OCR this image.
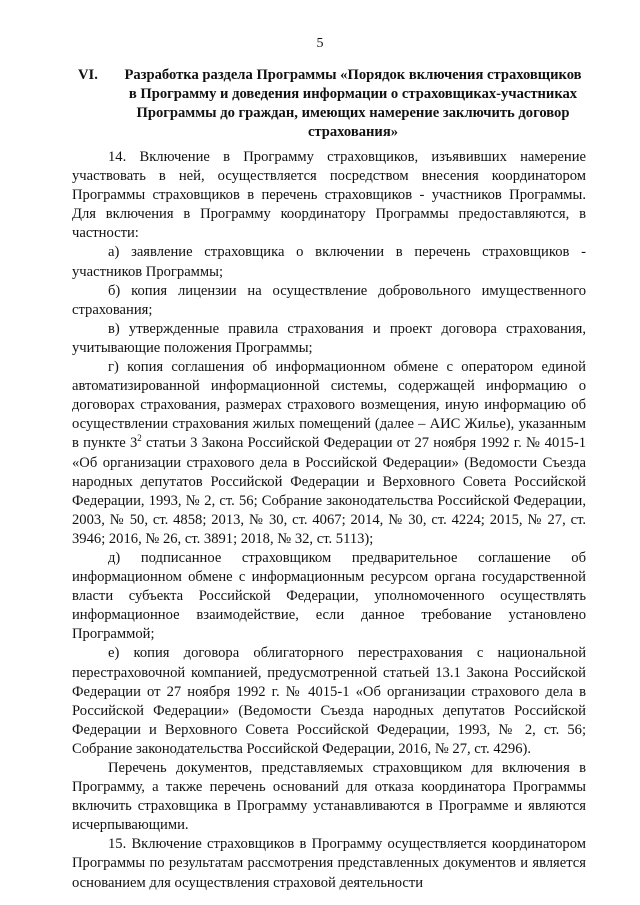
5
VI. Разработка раздела Программы «Порядок включения страховщиков в Программу и доведения информации о страховщиках-участниках Программы до граждан, имеющих намерение заключить договор страхования»

14. Включение в Программу страховщиков, изъявивших намерение участвовать в ней, осуществляется посредством внесения координатором Программы страховщиков в перечень страховщиков - участников Программы. Для включения в Программу координатору Программы предоставляются, в частности:

а) заявление страховщика о включении в перечень страховщиков - участников Программы;

б) копия лицензии на осуществление добровольного имущественного страхования;

в) утвержденные правила страхования и проект договора страхования, учитывающие положения Программы;

г) копия соглашения об информационном обмене с оператором единой автоматизированной информационной системы, содержащей информацию о договорах страхования, размерах страхового возмещения, иную информацию об осуществлении страхования жилых помещений (далее – АИС Жилье), указанным в пункте $3^2$ статьи 3 Закона Российской Федерации от 27 ноября 1992 г. № 4015-1 «Об организации страхового дела в Российской Федерации» (Ведомости Съезда народных депутатов Российской Федерации и Верховного Совета Российской Федерации, 1993, № 2, ст. 56; Собрание законодательства Российской Федерации, 2003, № 50, ст. 4858; 2013, № 30, ст. 4067; 2014, № 30, ст. 4224; 2015, № 27, ст. 3946; 2016, № 26, ст. 3891; 2018, № 32, ст. 5113);

д) подписанное страховщиком предварительное соглашение об информационном обмене с информационным ресурсом органа государственной власти субъекта Российской Федерации, уполномоченного осуществлять информационное взаимодействие, если данное требование установлено Программой;

е) копия договора облигаторного перестрахования с национальной перестраховочной компанией, предусмотренной статьей 13.1 Закона Российской Федерации от 27 ноября 1992 г. № 4015-1 «Об организации страхового дела в Российской Федерации» (Ведомости Съезда народных депутатов Российской Федерации и Верховного Совета Российской Федерации, 1993, № 2, ст. 56; Собрание законодательства Российской Федерации, 2016, № 27, ст. 4296).

Перечень документов, представляемых страховщиком для включения в Программу, а также перечень оснований для отказа координатора Программы включить страховщика в Программу устанавливаются в Программе и являются исчерпывающими.

15. Включение страховщиков в Программу осуществляется координатором Программы по результатам рассмотрения представленных документов и является основанием для осуществления страховой деятельности
